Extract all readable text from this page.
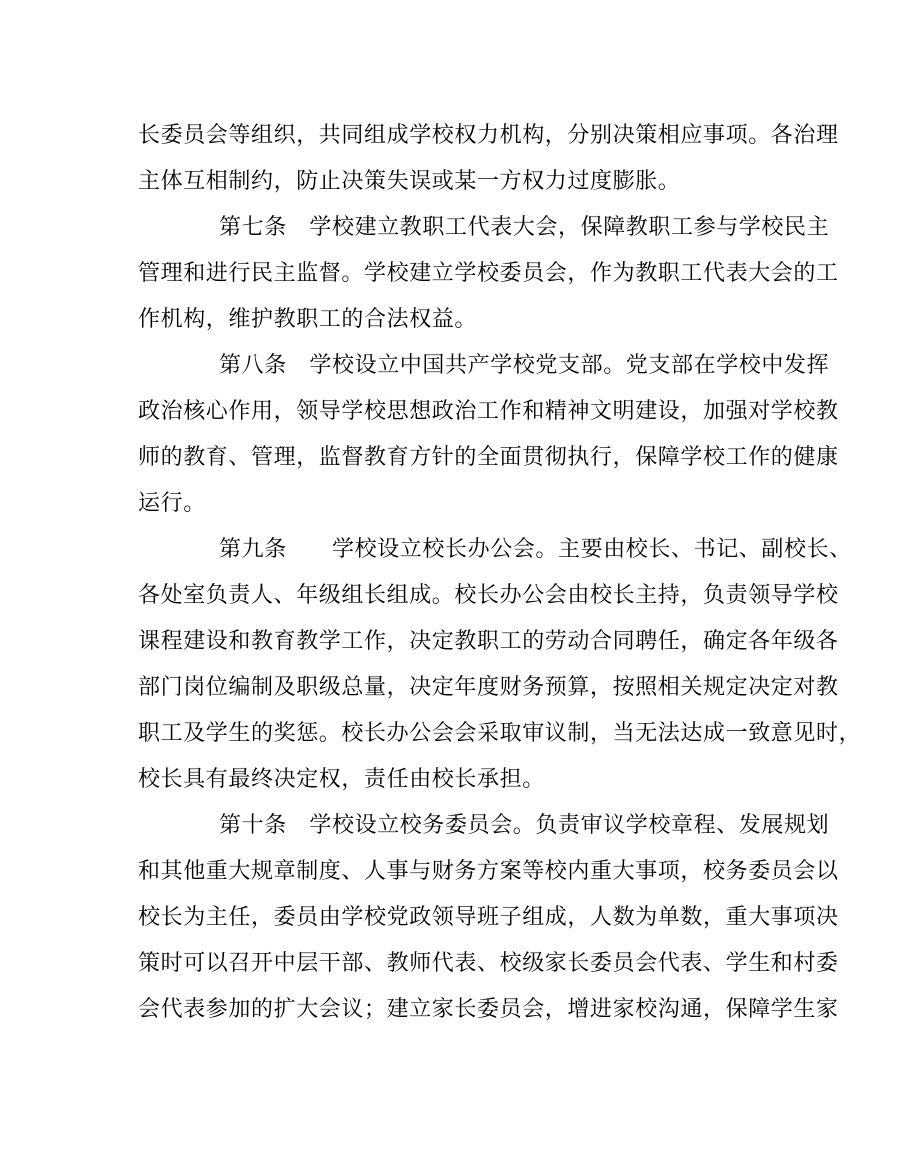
长委员会等组织，共同组成学校权力机构，分别决策相应事项。各治理
主体互相制约，防止决策失误或某一方权力过度膨胀。
第七条　学校建立教职工代表大会，保障教职工参与学校民主
管理和进行民主监督。学校建立学校委员会，作为教职工代表大会的工
作机构，维护教职工的合法权益。
第八条　学校设立中国共产学校党支部。党支部在学校中发挥
政治核心作用，领导学校思想政治工作和精神文明建设，加强对学校教
师的教育、管理，监督教育方针的全面贯彻执行，保障学校工作的健康
运行。
第九条　　学校设立校长办公会。主要由校长、书记、副校长、
各处室负责人、年级组长组成。校长办公会由校长主持，负责领导学校
课程建设和教育教学工作，决定教职工的劳动合同聘任，确定各年级各
部门岗位编制及职级总量，决定年度财务预算，按照相关规定决定对教
职工及学生的奖惩。校长办公会会采取审议制，当无法达成一致意见时，
校长具有最终决定权，责任由校长承担。
第十条　学校设立校务委员会。负责审议学校章程、发展规划
和其他重大规章制度、人事与财务方案等校内重大事项，校务委员会以
校长为主任，委员由学校党政领导班子组成，人数为单数，重大事项决
策时可以召开中层干部、教师代表、校级家长委员会代表、学生和村委
会代表参加的扩大会议；建立家长委员会，增进家校沟通，保障学生家
